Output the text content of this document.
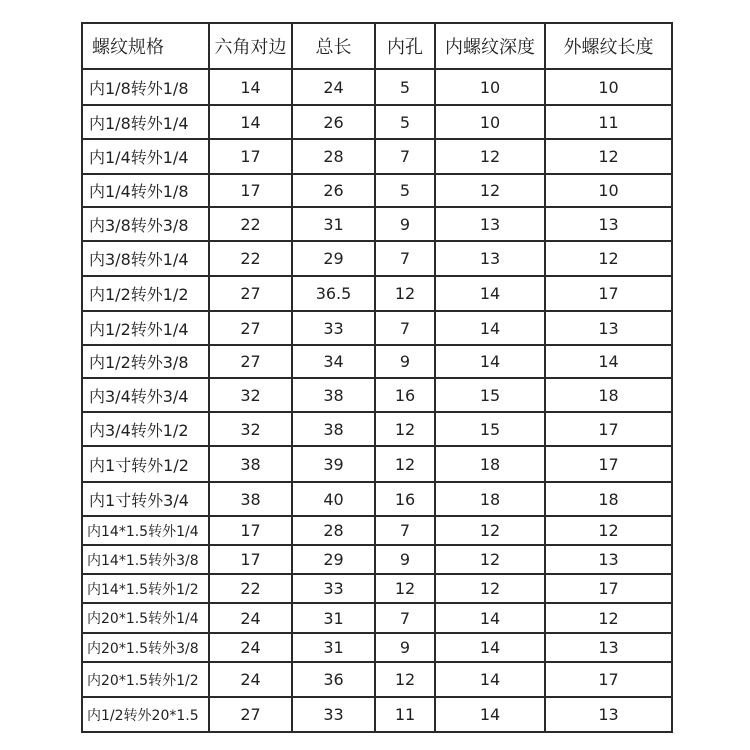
螺纹规格	六角对边	总长	内孔	内螺纹深度	外螺纹长度
内1/8转外1/8	14	24	5	10	10
内1/8转外1/4	14	26	5	10	11
内1/4转外1/4	17	28	7	12	12
内1/4转外1/8	17	26	5	12	10
内3/8转外3/8	22	31	9	13	13
内3/8转外1/4	22	29	7	13	12
内1/2转外1/2	27	36.5	12	14	17
内1/2转外1/4	27	33	7	14	13
内1/2转外3/8	27	34	9	14	14
内3/4转外3/4	32	38	16	15	18
内3/4转外1/2	32	38	12	15	17
内1寸转外1/2	38	39	12	18	17
内1寸转外3/4	38	40	16	18	18
内14*1.5转外1/4	17	28	7	12	12
内14*1.5转外3/8	17	29	9	12	13
内14*1.5转外1/2	22	33	12	12	17
内20*1.5转外1/4	24	31	7	14	12
内20*1.5转外3/8	24	31	9	14	13
内20*1.5转外1/2	24	36	12	14	17
内1/2转外20*1.5	27	33	11	14	13
